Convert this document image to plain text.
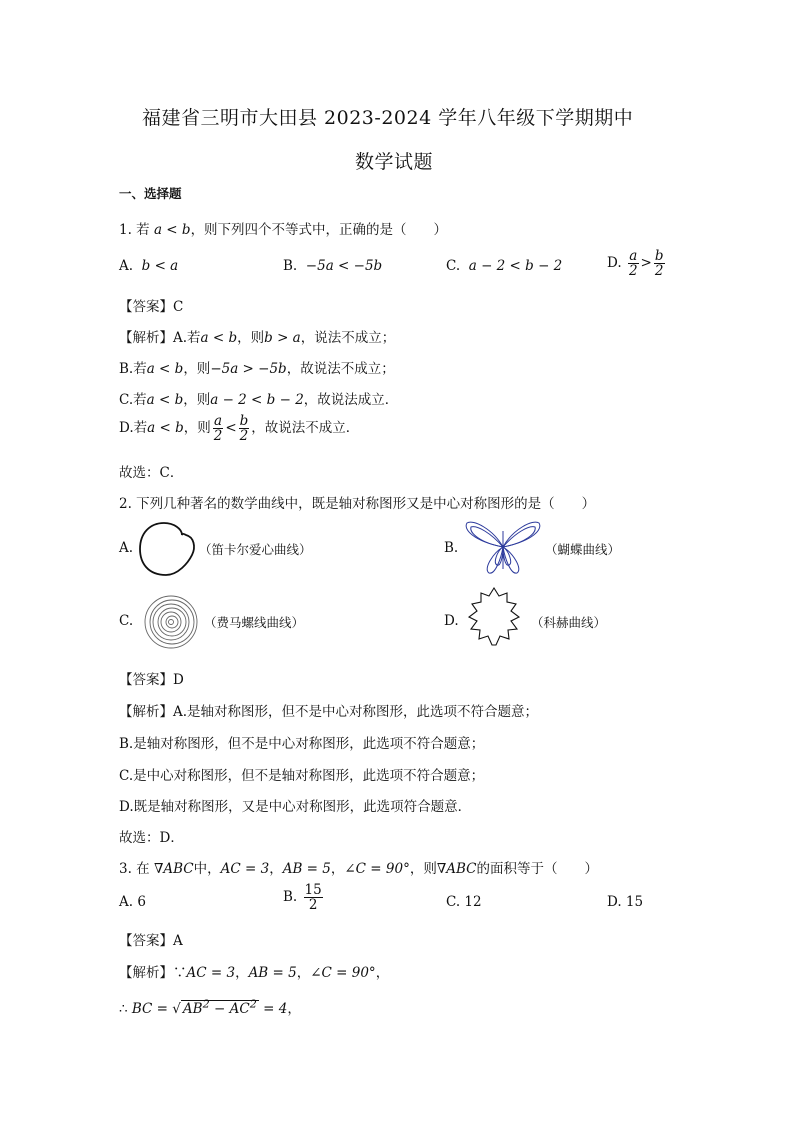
福建省三明市大田县 2023-2024 学年八年级下学期期中
数学试题
一、选择题
1. 若 a < b，则下列四个不等式中，正确的是（　　）
A.  b < a	B.  −5a < −5b	C.  a − 2 < b − 2	D. $\frac{a}{2} > \frac{b}{2}$
【答案】C
【解析】A.若a < b，则b > a，说法不成立；
B.若a < b，则−5a > −5b，故说法不成立；
C.若a < b，则a − 2 < b − 2，故说法成立．
D.若a < b，则 $\frac{a}{2} < \frac{b}{2}$ ，故说法不成立．
故选：C．
2. 下列几种著名的数学曲线中，既是轴对称图形又是中心对称图形的是（　　）
A.	（笛卡尔爱心曲线）	B.	（蝴蝶曲线）
C.	（费马螺线曲线）	D.	（科赫曲线）
【答案】D
【解析】A.是轴对称图形，但不是中心对称图形，此选项不符合题意；
B.是轴对称图形，但不是中心对称图形，此选项不符合题意；
C.是中心对称图形，但不是轴对称图形，此选项不符合题意；
D.既是轴对称图形，又是中心对称图形，此选项符合题意．
故选：D．
3. 在 ∇ABC中，AC = 3，AB = 5，∠C = 90°，则∇ABC的面积等于（　　）
A. 6	B. $\frac{15}{2}$	C. 12	D. 15
【答案】A
【解析】∵AC = 3，AB = 5，∠C = 90°，
∴ BC = √ $AB^2 - AC^2 = 4$，
